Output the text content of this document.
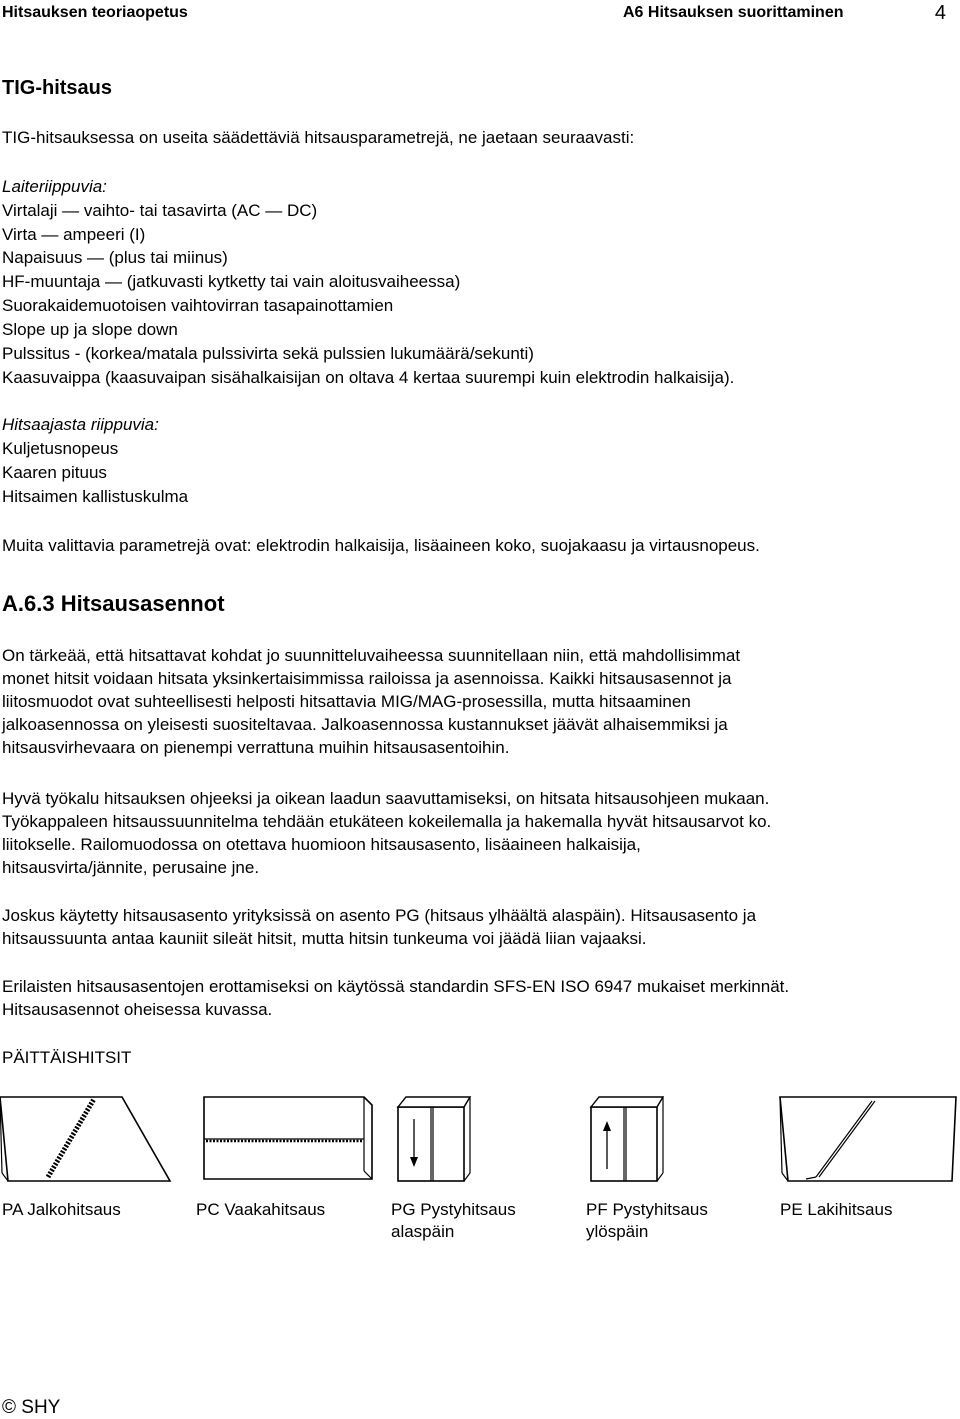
Hitsauksen teoriaopetus	A6 Hitsauksen suorittaminen	4
TIG-hitsaus
TIG-hitsauksessa on useita säädettäviä hitsausparametrejä, ne jaetaan seuraavasti:
Laiteriippuvia:
Virtalaji — vaihto- tai tasavirta (AC — DC)
Virta — ampeeri (I)
Napaisuus — (plus tai miinus)
HF-muuntaja — (jatkuvasti kytketty tai vain aloitusvaiheessa)
Suorakaidemuotoisen vaihtovirran tasapainottamien
Slope up ja slope down
Pulssitus - (korkea/matala pulssivirta sekä pulssien lukumäärä/sekunti)
Kaasuvaippa (kaasuvaipan sisähalkaisijan on oltava 4 kertaa suurempi kuin elektrodin halkaisija).
Hitsaajasta riippuvia:
Kuljetusnopeus
Kaaren pituus
Hitsaimen kallistuskulma
Muita valittavia parametrejä ovat: elektrodin halkaisija, lisäaineen koko, suojakaasu ja virtausnopeus.
A.6.3 Hitsausasennot

On tärkeää, että hitsattavat kohdat jo suunnitteluvaiheessa suunnitellaan niin, että mahdollisimmat

monet hitsit voidaan hitsata yksinkertaisimmissa railoissa ja asennoissa. Kaikki hitsausasennot ja

liitosmuodot ovat suhteellisesti helposti hitsattavia MIG/MAG-prosessilla, mutta hitsaaminen

jalkoasennossa on yleisesti suositeltavaa. Jalkoasennossa kustannukset jäävät alhaisemmiksi ja

hitsausvirhevaara on pienempi verrattuna muihin hitsausasentoihin.

Hyvä työkalu hitsauksen ohjeeksi ja oikean laadun saavuttamiseksi, on hitsata hitsausohjeen mukaan.

Työkappaleen hitsaussuunnitelma tehdään etukäteen kokeilemalla ja hakemalla hyvät hitsausarvot ko.

liitokselle. Railomuodossa on otettava huomioon hitsausasento, lisäaineen halkaisija,

hitsausvirta/jännite, perusaine jne.

Joskus käytetty hitsausasento yrityksissä on asento PG (hitsaus ylhäältä alaspäin). Hitsausasento ja

hitsaussuunta antaa kauniit sileät hitsit, mutta hitsin tunkeuma voi jäädä liian vajaaksi.

Erilaisten hitsausasentojen erottamiseksi on käytössä standardin SFS-EN ISO 6947 mukaiset merkinnät.

Hitsausasennot oheisessa kuvassa.

PÄITTÄISHITSIT
PA Jalkohitsaus	PC Vaakahitsaus	PG Pystyhitsaus
alaspäin
PF Pystyhitsaus
ylöspäin
PE Lakihitsaus
© SHY
